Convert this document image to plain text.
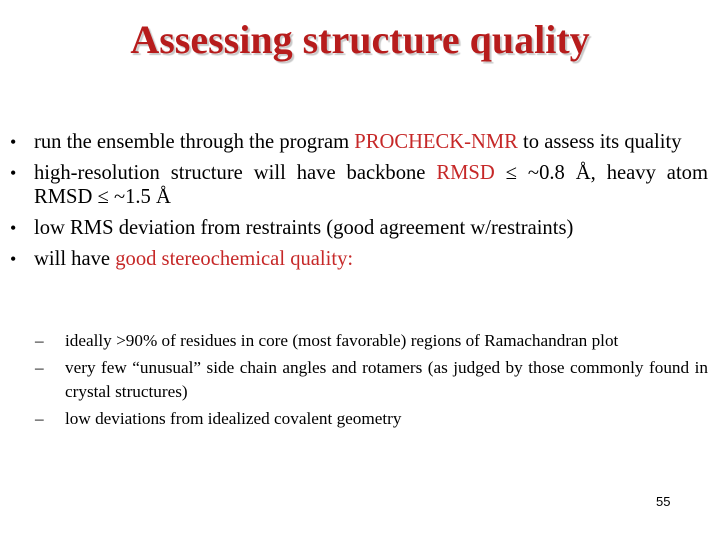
Assessing structure quality
• run the ensemble through the program PROCHECK-NMR to assess its quality
• high-resolution structure will have backbone RMSD ≤ ~0.8 Å, heavy atom RMSD ≤ ~1.5 Å
• low RMS deviation from restraints (good agreement w/restraints)
• will have good stereochemical quality:
– ideally >90% of residues in core (most favorable) regions of Ramachandran plot
– very few “unusual” side chain angles and rotamers (as judged by those commonly found in crystal structures)
– low deviations from idealized covalent geometry
55
